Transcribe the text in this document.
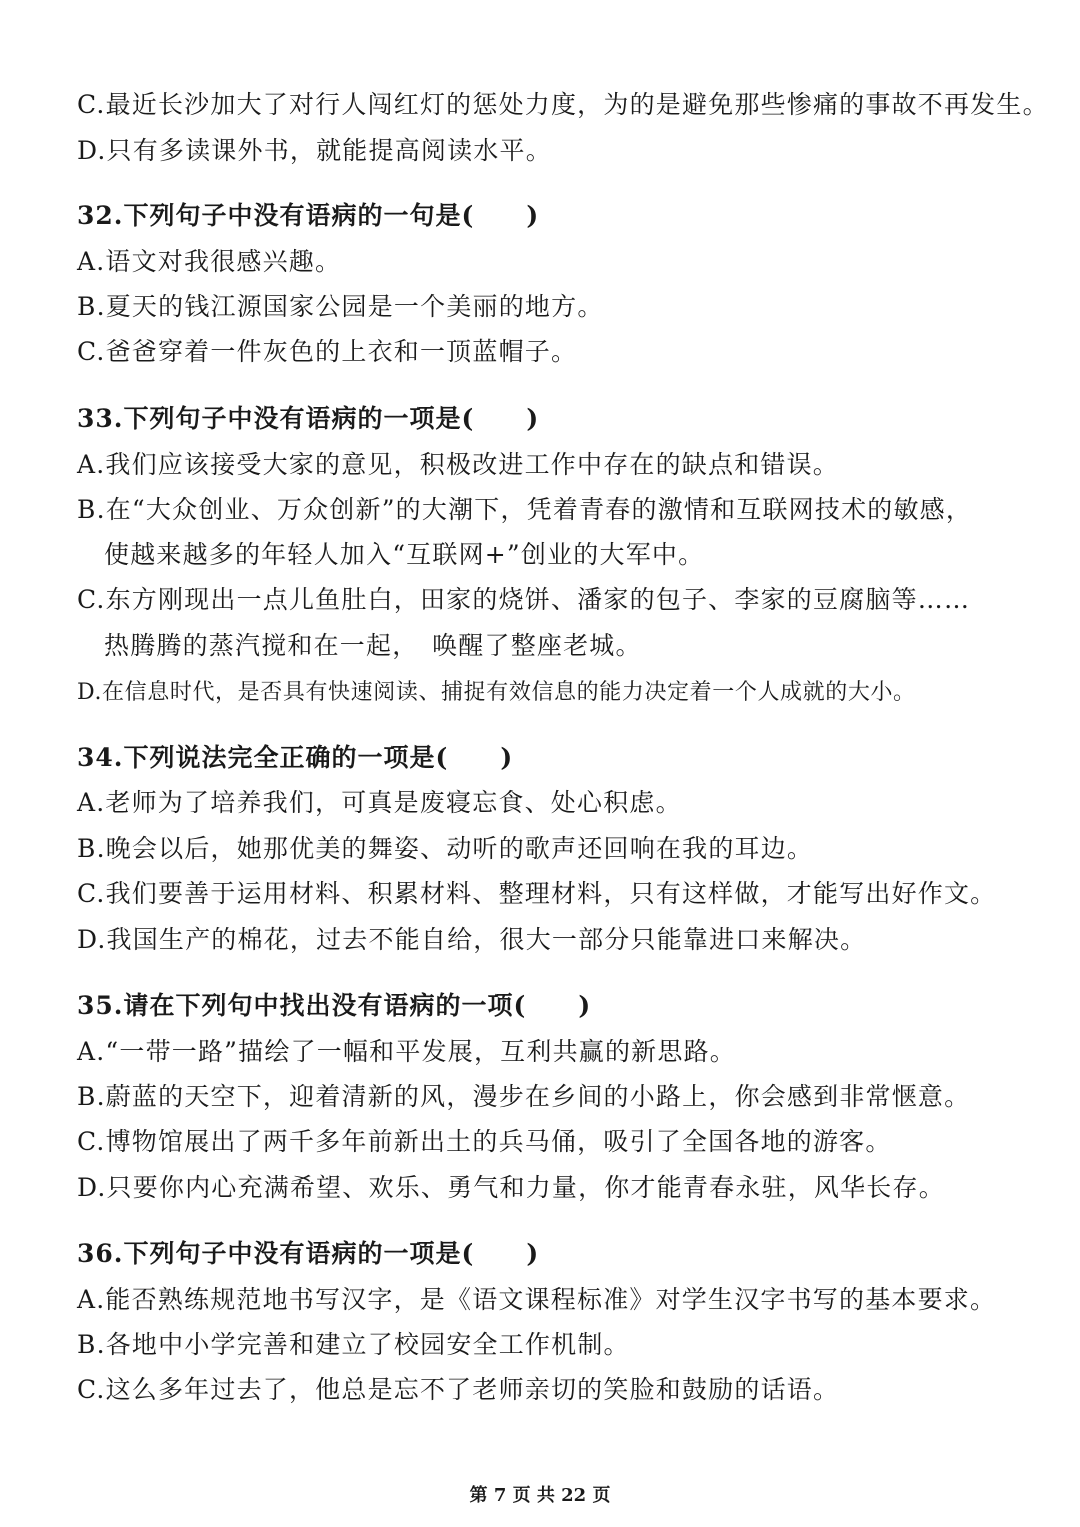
C.最近长沙加大了对行人闯红灯的惩处力度，为的是避免那些惨痛的事故不再发生。
D.只有多读课外书，就能提高阅读水平。
32.下列句子中没有语病的一句是(　　)
A.语文对我很感兴趣。
B.夏天的钱江源国家公园是一个美丽的地方。
C.爸爸穿着一件灰色的上衣和一顶蓝帽子。
33.下列句子中没有语病的一项是(　　)
A.我们应该接受大家的意见，积极改进工作中存在的缺点和错误。
B.在“大众创业、万众创新”的大潮下，凭着青春的激情和互联网技术的敏感，
使越来越多的年轻人加入“互联网+”创业的大军中。
C.东方刚现出一点儿鱼肚白，田家的烧饼、潘家的包子、李家的豆腐脑等……
热腾腾的蒸汽搅和在一起，　唤醒了整座老城。
D.在信息时代，是否具有快速阅读、捕捉有效信息的能力决定着一个人成就的大小。
34.下列说法完全正确的一项是(　　)
A.老师为了培养我们，可真是废寝忘食、处心积虑。
B.晚会以后，她那优美的舞姿、动听的歌声还回响在我的耳边。
C.我们要善于运用材料、积累材料、整理材料，只有这样做，才能写出好作文。
D.我国生产的棉花，过去不能自给，很大一部分只能靠进口来解决。
35.请在下列句中找出没有语病的一项(　　)
A.“一带一路”描绘了一幅和平发展，互利共赢的新思路。
B.蔚蓝的天空下，迎着清新的风，漫步在乡间的小路上，你会感到非常惬意。
C.博物馆展出了两千多年前新出土的兵马俑，吸引了全国各地的游客。
D.只要你内心充满希望、欢乐、勇气和力量，你才能青春永驻，风华长存。
36.下列句子中没有语病的一项是(　　)
A.能否熟练规范地书写汉字，是《语文课程标准》对学生汉字书写的基本要求。
B.各地中小学完善和建立了校园安全工作机制。
C.这么多年过去了，他总是忘不了老师亲切的笑脸和鼓励的话语。
第 7 页 共 22 页
